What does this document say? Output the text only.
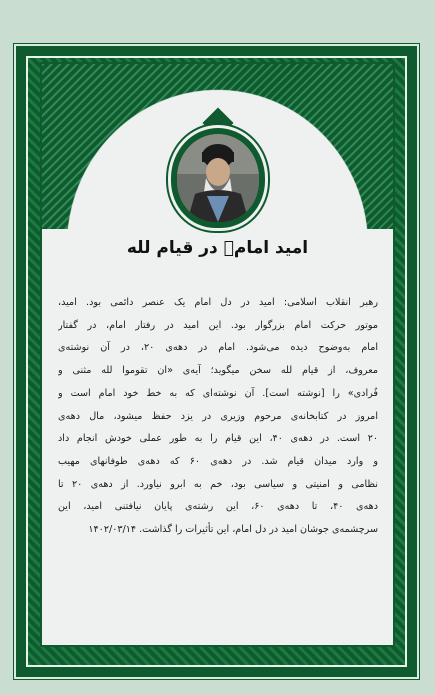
امید امامؒ در قیام لله
رهبر انقلاب اسلامی: امید در دل امام یک عنصر دائمی بود. امید،
موتور حرکت امام بزرگوار بود. این امید در رفتار امام، در گفتار
امام به‌وضوح دیده می‌شود. امام در دهه‌ی ۲۰، در آن نوشته‌ی
معروف، از قیام لله سخن میگوید؛ آیه‌ی «ان تقوموا لله مثنی و
فُرادی» را [نوشته است]. آن نوشته‌ای که به خط خود امام است و
امروز در کتابخانه‌ی مرحوم وزیری در یزد حفظ میشود، مال دهه‌ی
۲۰ است. در دهه‌ی ۴۰، این قیام را به طور عملی خودش انجام داد
و وارد میدان قیام شد. در دهه‌ی ۶۰ که دهه‌ی طوفانهای مهیب
نظامی و امنیتی و سیاسی بود، خم به ابرو نیاورد. از دهه‌ی ۲۰ تا
دهه‌ی ۴۰، تا دهه‌ی ۶۰، این رشته‌ی پایان نیافتنی امید، این
سرچشمه‌ی جوشان امید در دل امام، این تأثیرات را گذاشت. ۱۴۰۲/۰۳/۱۴
